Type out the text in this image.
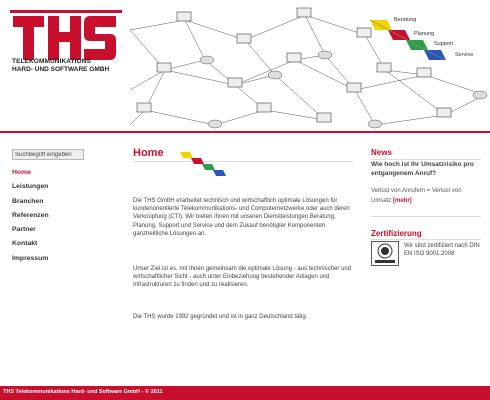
TELEKOMMUNIKATIONS
HARD- UND SOFTWARE GMBH
Beratung
Planung
Support
Service
Suchbegriff eingeben
Home
Leistungen
Branchen
Referenzen
Partner
Kontakt
Impressum
Home

Die THS GmbH erarbeitet technisch und wirtschaftlich optimale Lösungen für kundenorientierte Telekommunikations- und Computernetzwerke oder auch deren Verknüpfung (CTI). Wir bieten Ihnen mit unseren Dienstleistungen Beratung, Planung, Support und Service und dem Zukauf benötigter Komponenten ganzheitliche Lösungen an.

Unser Ziel ist es, mit Ihnen gemeinsam die optimale Lösung - aus technischer und wirtschaftlicher Sicht - auch unter Einbeziehung bestehender Anlagen und Infrastrukturen zu finden und zu realisieren.

Die THS wurde 1992 gegründet und ist in ganz Deutschland tätig.

News
Wie hoch ist Ihr Umsatzrisiko pro entgangenem Anruf?
Verlust von Anrufern = Verlust von Umsatz [mehr]
Zertifizierung
Wir sind zertifiziert nach DIN EN ISO 9001:2008
THS Telekommunikations Hard- und Software GmbH - © 2011
